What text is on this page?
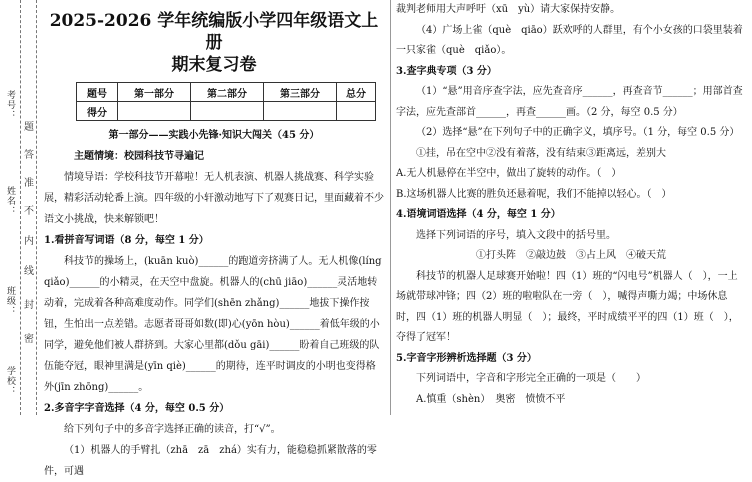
考号：
姓名：
班级：
学校：
题
答
准
不
内
线
封
密

2025-2026 学年统编版小学四年级语文上册

期末复习卷

题号	第一部分	第二部分	第三部分	总分
得分				

第一部分——实践小先锋·知识大闯关（45 分）

主题情境：校园科技节寻遍记

情境导语：学校科技节开幕啦！无人机表演、机器人挑战赛、科学实验展，精彩活动轮番上演。四年级的小轩激动地写下了观赛日记，里面藏着不少语文小挑战，快来解锁吧！

1.看拼音写词语（8 分，每空 1 分）

科技节的操场上，(kuān kuò)______的跑道旁挤满了人。无人机像(líng qiǎo)______的小精灵，在天空中盘旋。机器人的(chū jiāo)______灵活地转动着，完成着各种高难度动作。同学们(shēn zhǎng)______地拔下操作按钮，生怕出一点差错。志愿者哥哥如数(即)心(yōn hòu)______着低年级的小同学，避免他们被人群挤到。大家心里都(dǒu gāi)______盼着自己班级的队伍能夺冠，眼神里满是(yīn qiè)______的期待，连平时调皮的小明也变得格外(jīn zhōng)______。

2.多音字字音选择（4 分，每空 0.5 分）

给下列句子中的多音字选择正确的读音，打“√”。

（1）机器人的手臂扎（zhā　zā　zhá）实有力，能稳稳抓紧散落的零件，可遇

裁判老师用大声呼吁（xū　yù）请大家保持安静。

（4）广场上雀（què　qiāo）跃欢呼的人群里，有个小女孩的口袋里装着一只家雀（què　qiǎo）。

3.查字典专项（3 分）

（1）“悬”用音序查字法，应先查音序______，再查音节______；用部首查字法，应先查部首______，再查______画。（2 分，每空 0.5 分）

（2）选择“悬”在下列句子中的正确字义，填序号。（1 分，每空 0.5 分）

①挂，吊在空中②没有着落，没有结束③距离远，差别大

A.无人机悬停在半空中，做出了旋转的动作。（　）

B.这场机器人比赛的胜负还悬着呢，我们不能掉以轻心。（　）

4.语境词语选择（4 分，每空 1 分）

选择下列词语的序号，填入文段中的括号里。

①打头阵　②敲边鼓　③占上风　④破天荒

科技节的机器人足球赛开始啦！四（1）班的“闪电号”机器人（　），一上场就带球冲锋；四（2）班的啦啦队在一旁（　），喊得声嘶力竭；中场休息时，四（1）班的机器人明显（　）；最终，平时成绩平平的四（1）班（　），夺得了冠军！

5.字音字形辨析选择题（3 分）

下列词语中，字音和字形完全正确的一项是（　　）

A.慎重（shèn）　奥密　愤愤不平
